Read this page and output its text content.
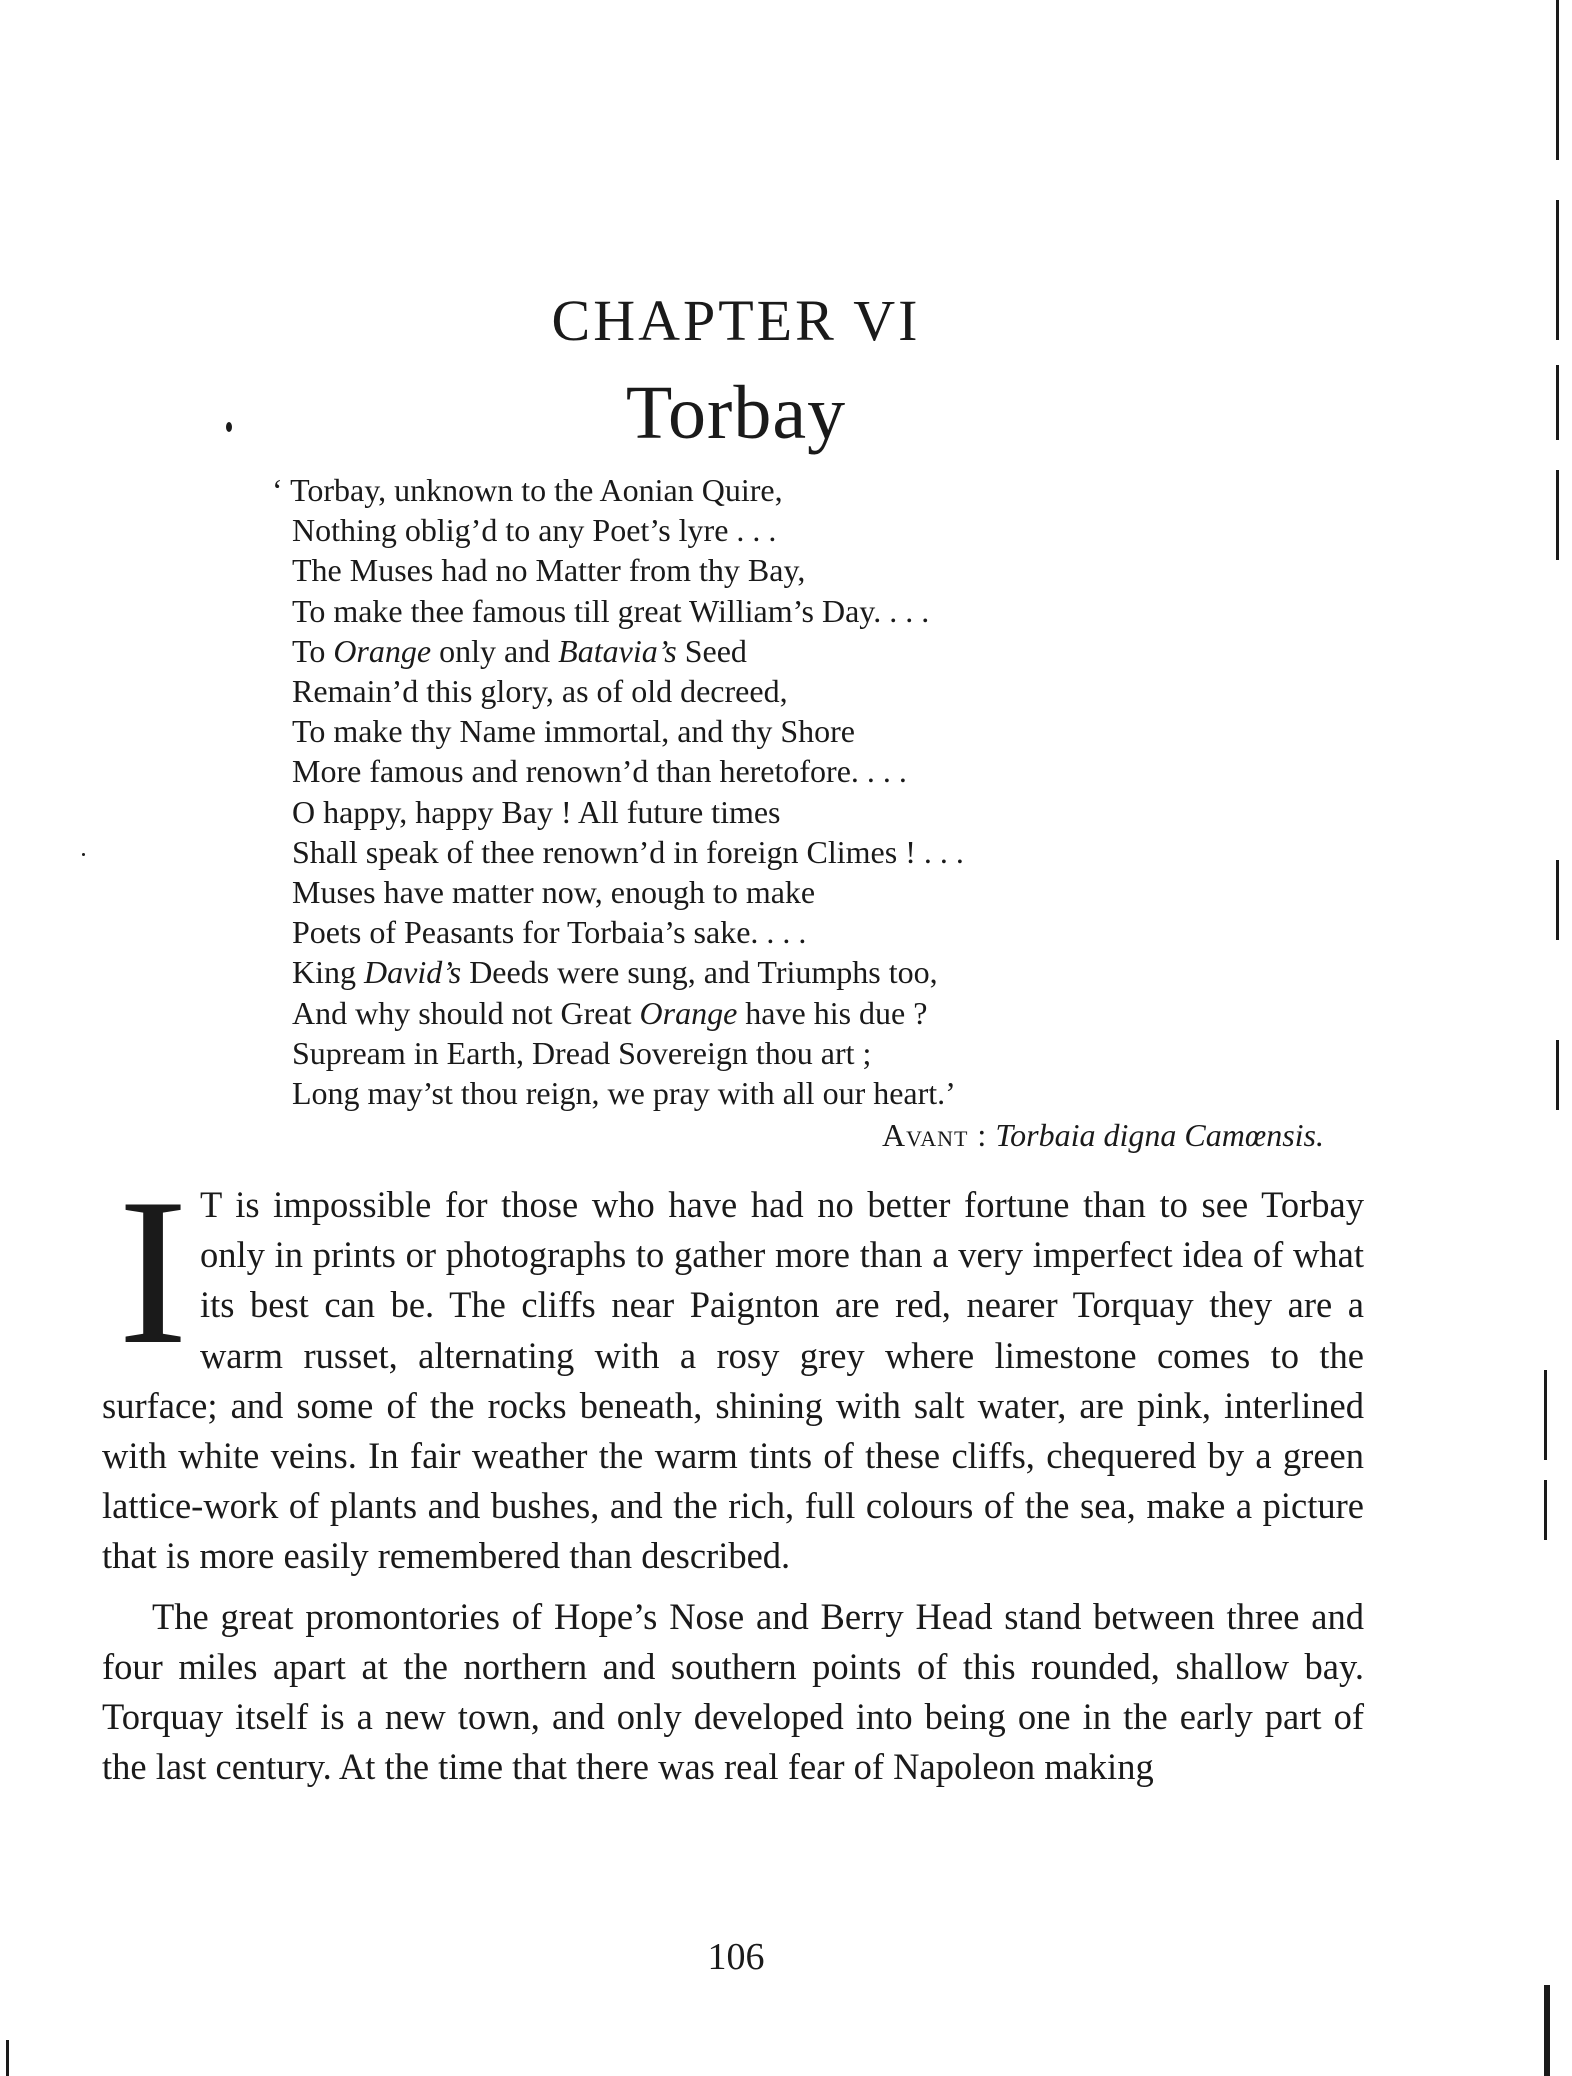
CHAPTER VI
Torbay
‘ Torbay, unknown to the Aonian Quire,
Nothing oblig’d to any Poet’s lyre . . .
The Muses had no Matter from thy Bay,
To make thee famous till great William’s Day. . . .
To Orange only and Batavia’s Seed
Remain’d this glory, as of old decreed,
To make thy Name immortal, and thy Shore
More famous and renown’d than heretofore. . . .
O happy, happy Bay ! All future times
Shall speak of thee renown’d in foreign Climes ! . . .
Muses have matter now, enough to make
Poets of Peasants for Torbaia’s sake. . . .
King David’s Deeds were sung, and Triumphs too,
And why should not Great Orange have his due ?
Supream in Earth, Dread Sovereign thou art ;
Long may’st thou reign, we pray with all our heart.’
Avant : Torbaia digna Camœnsis.

I T is impossible for those who have had no better fortune than to see Torbay only in prints or photographs to gather more than a very imperfect idea of what its best can be. The cliffs near Paignton are red, nearer Torquay they are a warm russet, alternating with a rosy grey where limestone comes to the surface; and some of the rocks beneath, shining with salt water, are pink, interlined with white veins. In fair weather the warm tints of these cliffs, chequered by a green lattice-work of plants and bushes, and the rich, full colours of the sea, make a picture that is more easily remembered than described.

The great promontories of Hope’s Nose and Berry Head stand between three and four miles apart at the northern and southern points of this rounded, shallow bay. Torquay itself is a new town, and only developed into being one in the early part of the last century. At the time that there was real fear of Napoleon making

106
